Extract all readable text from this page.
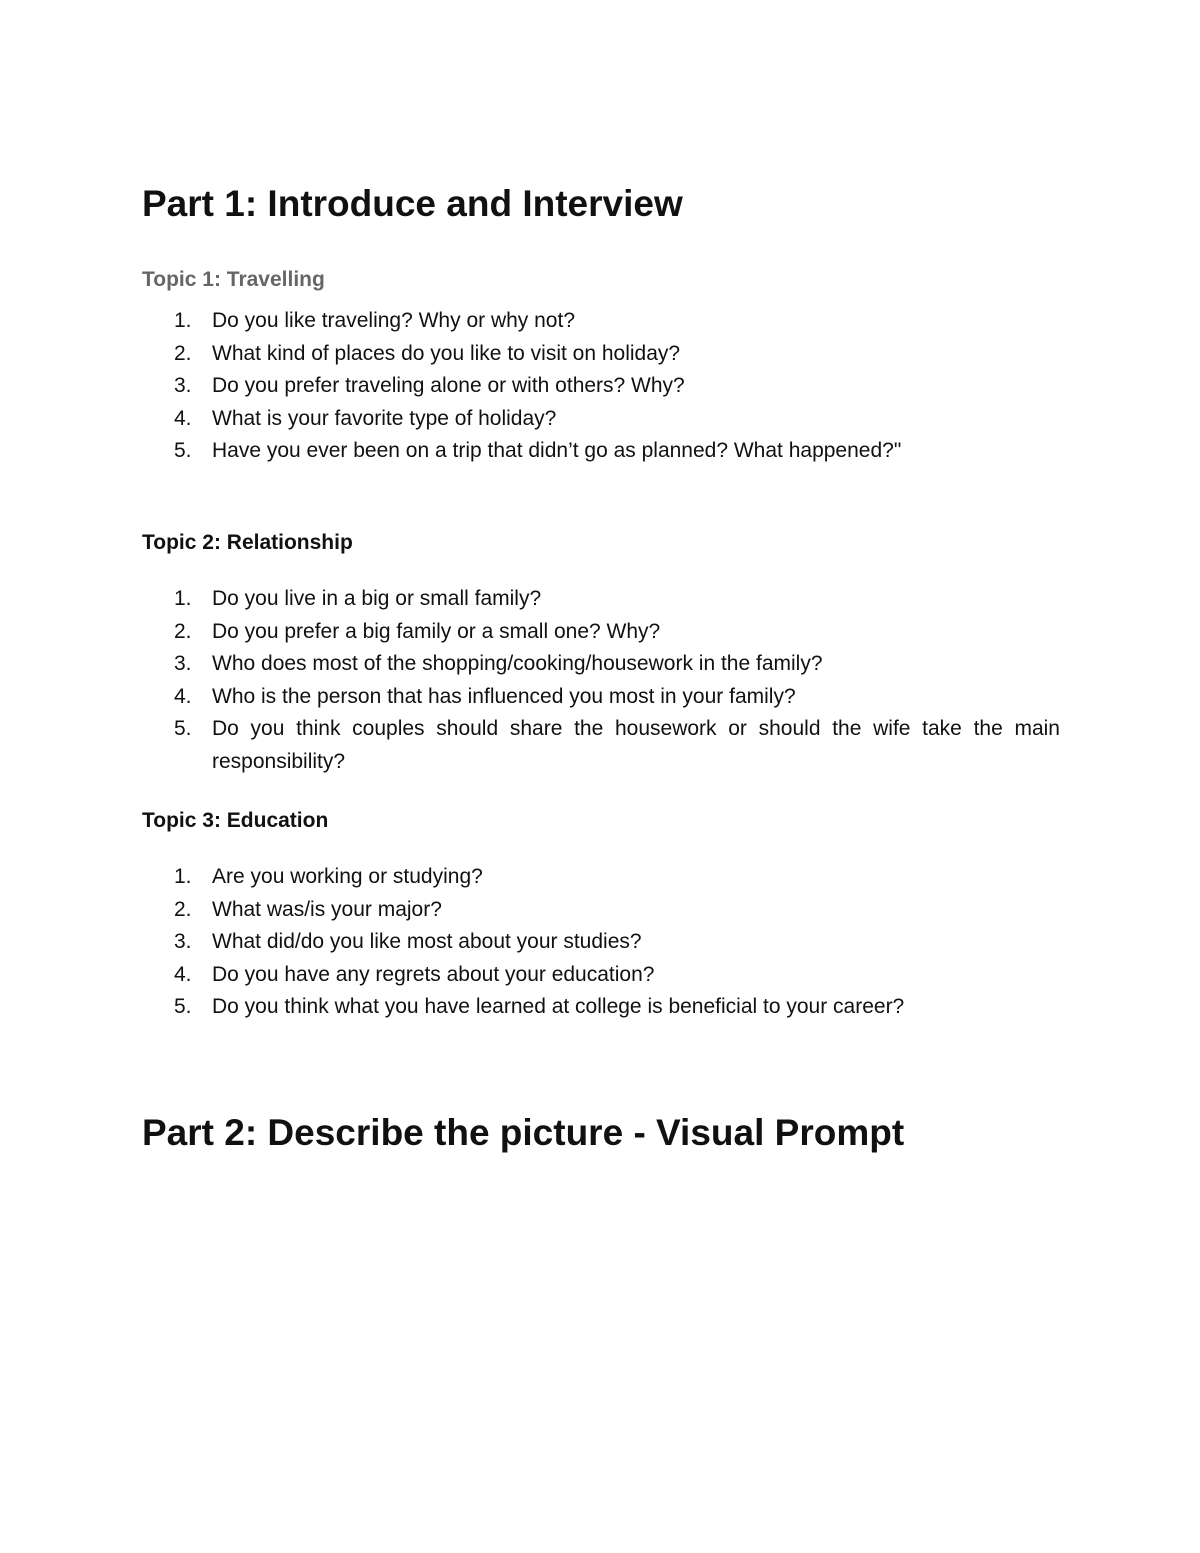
Part 1: Introduce and Interview
Topic 1: Travelling
1. Do you like traveling? Why or why not?
2. What kind of places do you like to visit on holiday?
3. Do you prefer traveling alone or with others? Why?
4. What is your favorite type of holiday?
5. Have you ever been on a trip that didn’t go as planned? What happened?"
Topic 2: Relationship
1. Do you live in a big or small family?
2. Do you prefer a big family or a small one? Why?
3. Who does most of the shopping/cooking/housework in the family?
4. Who is the person that has influenced you most in your family?
5. Do you think couples should share the housework or should the wife take the main responsibility?
Topic 3: Education
1. Are you working or studying?
2. What was/is your major?
3. What did/do you like most about your studies?
4. Do you have any regrets about your education?
5. Do you think what you have learned at college is beneficial to your career?
Part 2: Describe the picture - Visual Prompt
